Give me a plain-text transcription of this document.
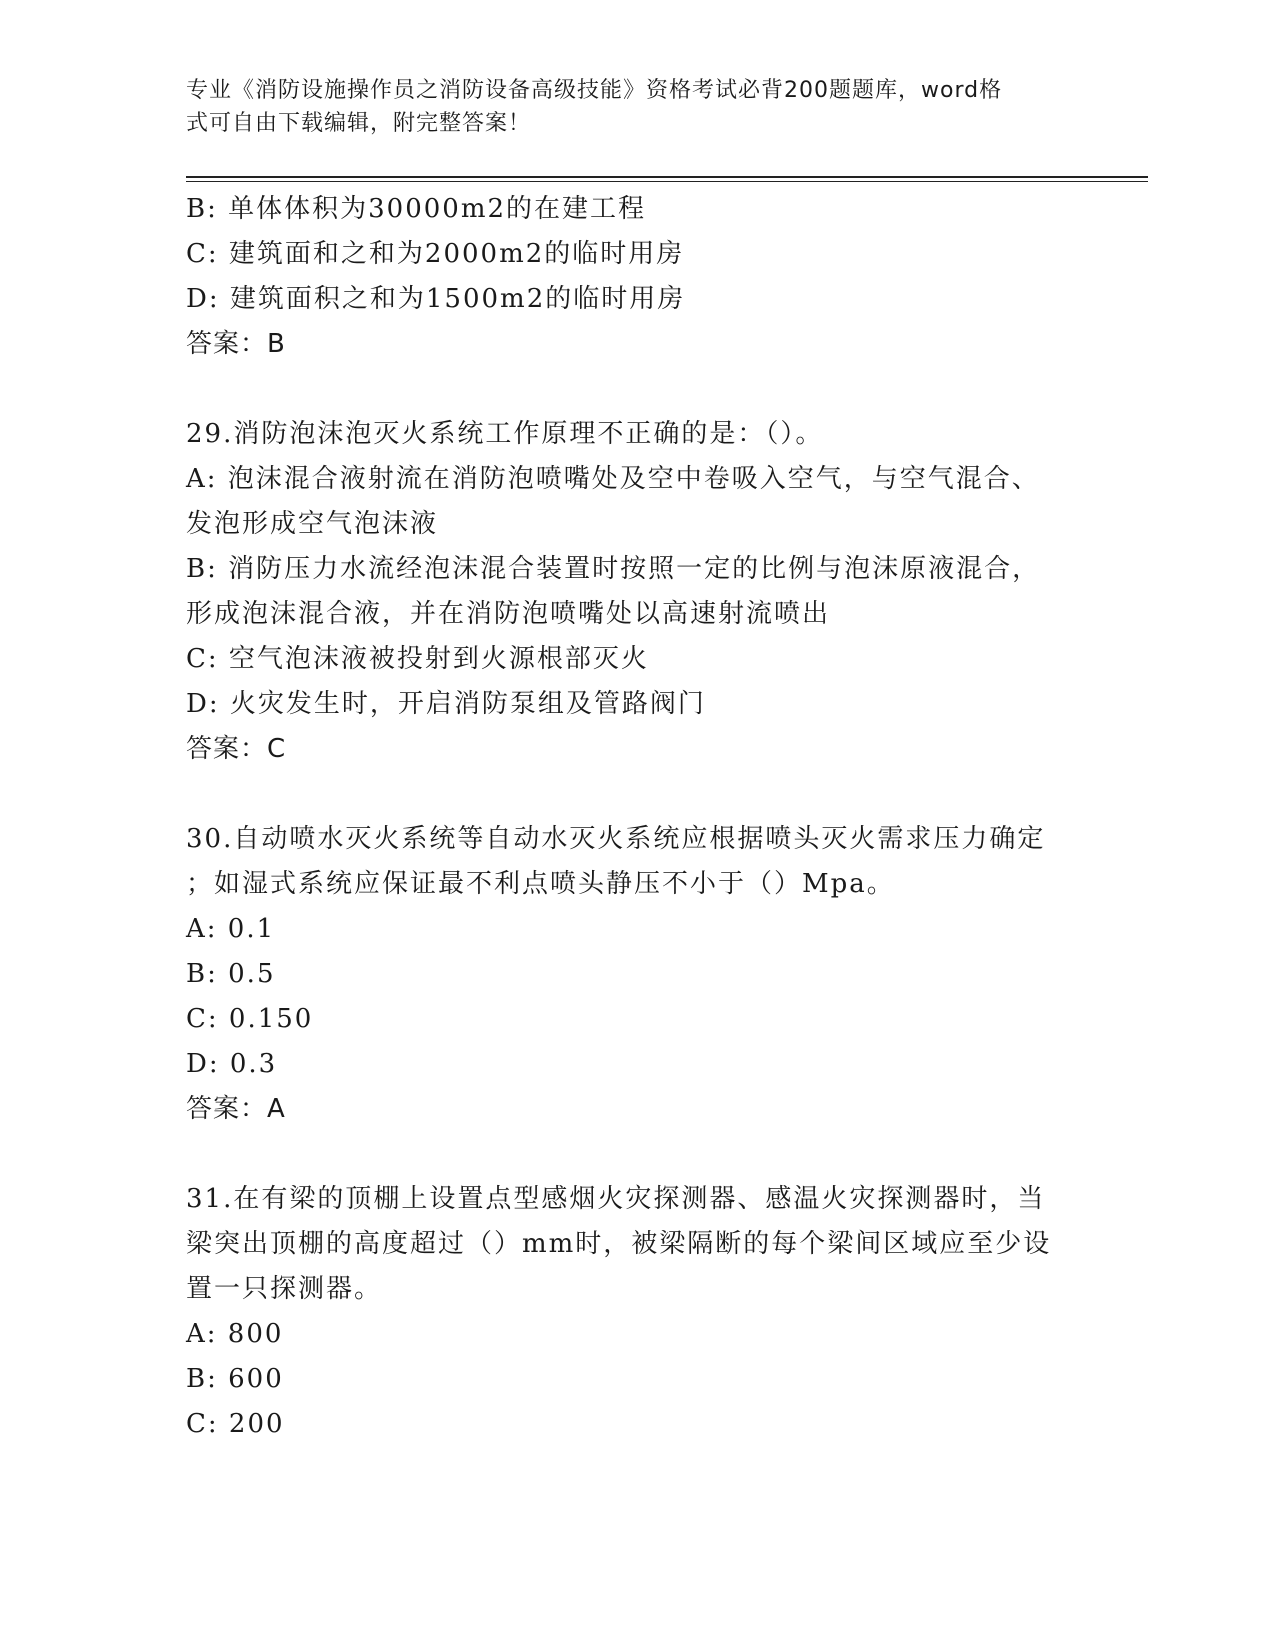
专业《消防设施操作员之消防设备高级技能》资格考试必背200题题库，word格
式可自由下载编辑，附完整答案！
B: 单体体积为30000m2的在建工程
C: 建筑面和之和为2000m2的临时用房
D: 建筑面积之和为1500m2的临时用房
答案：B
29.消防泡沫泡灭火系统工作原理不正确的是：（）。
A: 泡沫混合液射流在消防泡喷嘴处及空中卷吸入空气，与空气混合、
发泡形成空气泡沫液
B: 消防压力水流经泡沫混合装置时按照一定的比例与泡沫原液混合，
形成泡沫混合液，并在消防泡喷嘴处以高速射流喷出
C: 空气泡沫液被投射到火源根部灭火
D: 火灾发生时，开启消防泵组及管路阀门
答案：C
30.自动喷水灭火系统等自动水灭火系统应根据喷头灭火需求压力确定
；如湿式系统应保证最不利点喷头静压不小于（）Mpa。
A: 0.1
B: 0.5
C: 0.150
D: 0.3
答案：A
31.在有梁的顶棚上设置点型感烟火灾探测器、感温火灾探测器时，当
梁突出顶棚的高度超过（）mm时，被梁隔断的每个梁间区域应至少设
置一只探测器。
A: 800
B: 600
C: 200
